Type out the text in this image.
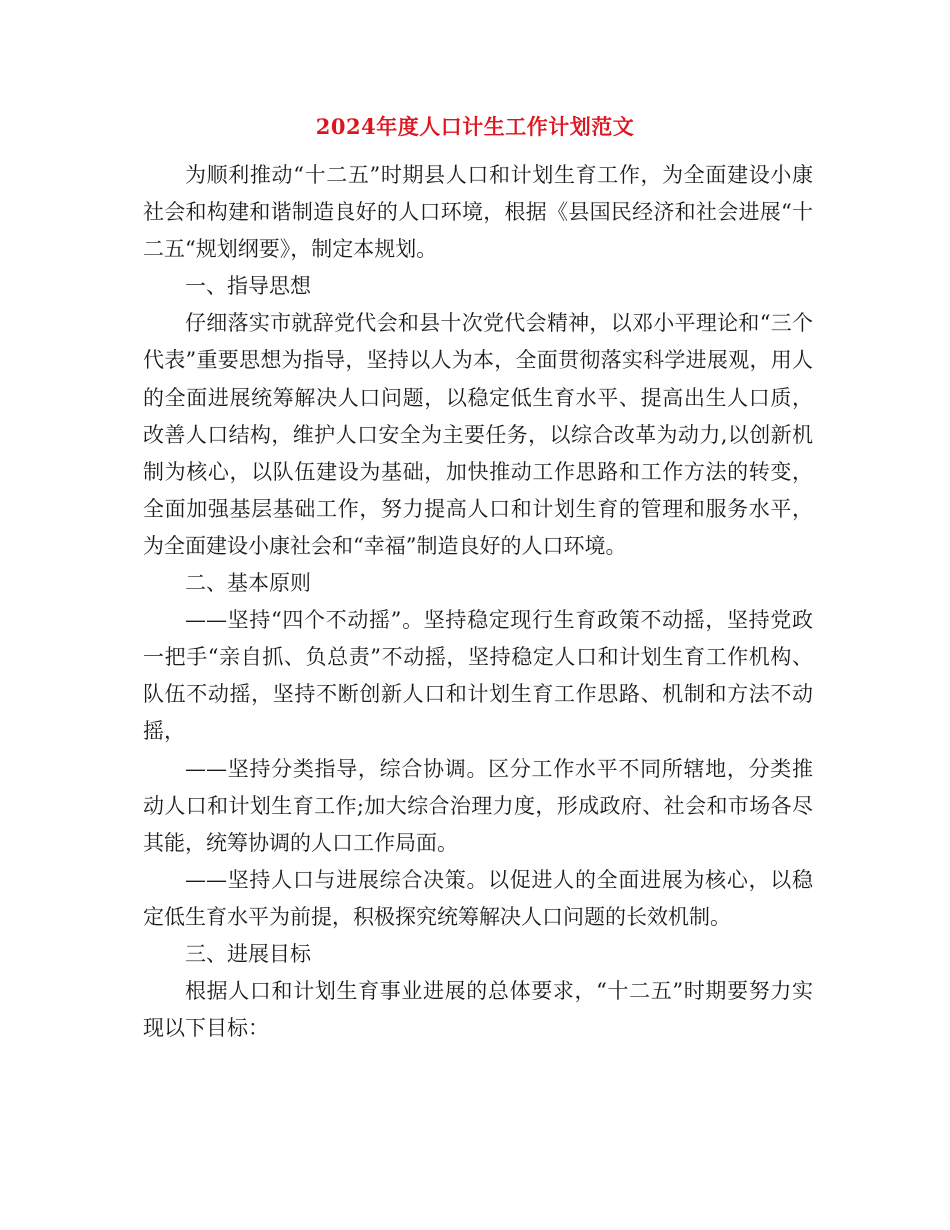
2024年度人口计生工作计划范文

为顺利推动“十二五”时期县人口和计划生育工作，为全面建设小康社会和构建和谐制造良好的人口环境，根据《县国民经济和社会进展“十二五“规划纲要》，制定本规划。

一、指导思想

仔细落实市就辞党代会和县十次党代会精神，以邓小平理论和“三个代表”重要思想为指导，坚持以人为本，全面贯彻落实科学进展观，用人的全面进展统筹解决人口问题，以稳定低生育水平、提高出生人口质，改善人口结构，维护人口安全为主要任务，以综合改革为动力,以创新机制为核心，以队伍建设为基础，加快推动工作思路和工作方法的转变，全面加强基层基础工作，努力提高人口和计划生育的管理和服务水平，为全面建设小康社会和“幸福”制造良好的人口环境。

二、基本原则

——坚持“四个不动摇”。坚持稳定现行生育政策不动摇，坚持党政一把手“亲自抓、负总责”不动摇，坚持稳定人口和计划生育工作机构、队伍不动摇，坚持不断创新人口和计划生育工作思路、机制和方法不动摇，

——坚持分类指导，综合协调。区分工作水平不同所辖地，分类推动人口和计划生育工作;加大综合治理力度，形成政府、社会和市场各尽其能，统筹协调的人口工作局面。

——坚持人口与进展综合决策。以促进人的全面进展为核心，以稳定低生育水平为前提，积极探究统筹解决人口问题的长效机制。

三、进展目标

根据人口和计划生育事业进展的总体要求，“十二五”时期要努力实现以下目标：
